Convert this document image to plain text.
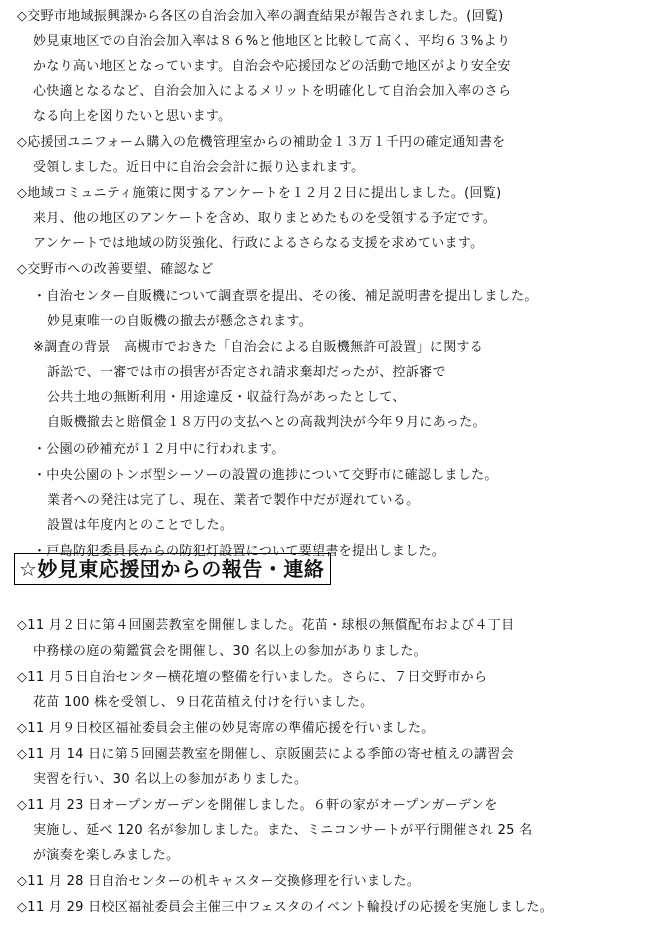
◇交野市地域振興課から各区の自治会加入率の調査結果が報告されました。(回覧)
妙見東地区での自治会加入率は８６%と他地区と比較して高く、平均６３%より
かなり高い地区となっています。自治会や応援団などの活動で地区がより安全安
心快適となるなど、自治会加入によるメリットを明確化して自治会加入率のさら
なる向上を図りたいと思います。
◇応援団ユニフォーム購入の危機管理室からの補助金１３万１千円の確定通知書を
受領しました。近日中に自治会会計に振り込まれます。
◇地域コミュニティ施策に関するアンケートを１２月２日に提出しました。(回覧)
来月、他の地区のアンケートを含め、取りまとめたものを受領する予定です。
アンケートでは地域の防災強化、行政によるさらなる支援を求めています。
◇交野市への改善要望、確認など
・自治センター自販機について調査票を提出、その後、補足説明書を提出しました。
妙見東唯一の自販機の撤去が懸念されます。
※調査の背景　高槻市でおきた「自治会による自販機無許可設置」に関する
訴訟で、一審では市の損害が否定され請求棄却だったが、控訴審で
公共土地の無断利用・用途違反・収益行為があったとして、
自販機撤去と賠償金１８万円の支払へとの高裁判決が今年９月にあった。
・公園の砂補充が１２月中に行われます。
・中央公園のトンボ型シーソーの設置の進捗について交野市に確認しました。
業者への発注は完了し、現在、業者で製作中だが遅れている。
設置は年度内とのことでした。
・戸島防犯委員長からの防犯灯設置について要望書を提出しました。
☆妙見東応援団からの報告・連絡
◇11 月２日に第４回園芸教室を開催しました。花苗・球根の無償配布および４丁目
中務様の庭の菊鑑賞会を開催し、30 名以上の参加がありました。
◇11 月５日自治センター横花壇の整備を行いました。さらに、７日交野市から
花苗 100 株を受領し、９日花苗植え付けを行いました。
◇11 月９日校区福祉委員会主催の妙見寄席の準備応援を行いました。
◇11 月 14 日に第５回園芸教室を開催し、京阪園芸による季節の寄せ植えの講習会
実習を行い、30 名以上の参加がありました。
◇11 月 23 日オープンガーデンを開催しました。６軒の家がオープンガーデンを
実施し、延べ 120 名が参加しました。また、ミニコンサートが平行開催され 25 名
が演奏を楽しみました。
◇11 月 28 日自治センターの机キャスター交換修理を行いました。
◇11 月 29 日校区福祉委員会主催三中フェスタのイベント輪投げの応援を実施しました。
